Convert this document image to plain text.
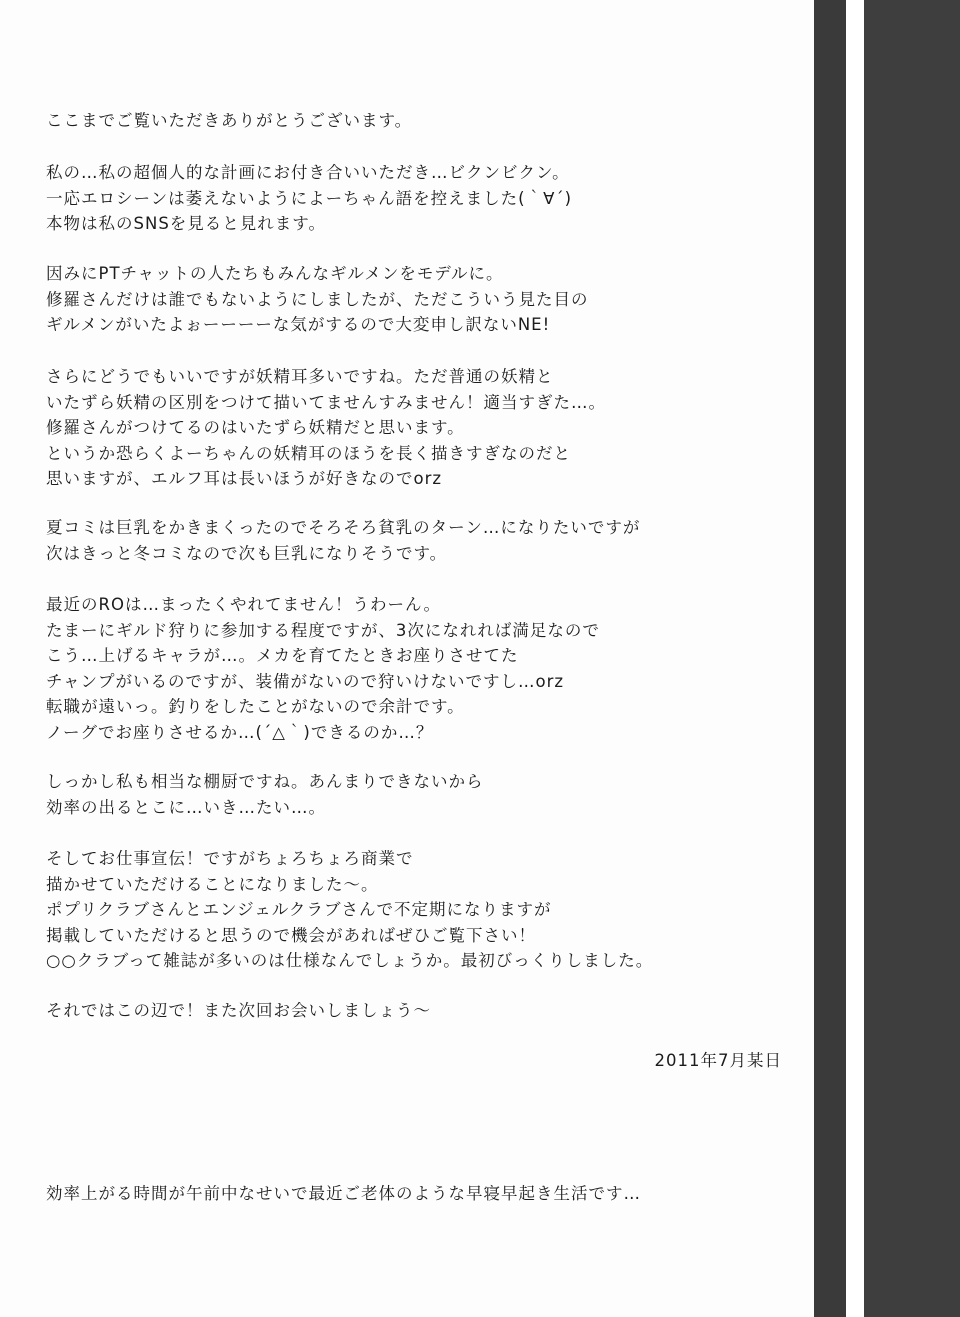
ここまでご覧いただきありがとうございます。

私の…私の超個人的な計画にお付き合いいただき…ビクンビクン。
一応エロシーンは萎えないようによーちゃん語を控えました(｀∀´)
本物は私のSNSを見ると見れます。

因みにPTチャットの人たちもみんなギルメンをモデルに。
修羅さんだけは誰でもないようにしましたが、ただこういう見た目の
ギルメンがいたよぉーーーーな気がするので大変申し訳ないNE!

さらにどうでもいいですが妖精耳多いですね。ただ普通の妖精と
いたずら妖精の区別をつけて描いてませんすみません！適当すぎた…。
修羅さんがつけてるのはいたずら妖精だと思います。
というか恐らくよーちゃんの妖精耳のほうを長く描きすぎなのだと
思いますが、エルフ耳は長いほうが好きなのでorz

夏コミは巨乳をかきまくったのでそろそろ貧乳のターン…になりたいですが
次はきっと冬コミなので次も巨乳になりそうです。

最近のROは…まったくやれてません！うわーん。
たまーにギルド狩りに参加する程度ですが、3次になれれば満足なので
こう…上げるキャラが…。メカを育てたときお座りさせてた
チャンプがいるのですが、装備がないので狩いけないですし…orz
転職が遠いっ。釣りをしたことがないので余計です。
ノーグでお座りさせるか…(´△｀)できるのか…？

しっかし私も相当な棚厨ですね。あんまりできないから
効率の出るとこに…いき…たい…。

そしてお仕事宣伝！ですがちょろちょろ商業で
描かせていただけることになりました～。
ポプリクラブさんとエンジェルクラブさんで不定期になりますが
掲載していただけると思うので機会があればぜひご覧下さい！
○○クラブって雑誌が多いのは仕様なんでしょうか。最初びっくりしました。

それではこの辺で！また次回お会いしましょう～

2011年7月某日
効率上がる時間が午前中なせいで最近ご老体のような早寝早起き生活です…
